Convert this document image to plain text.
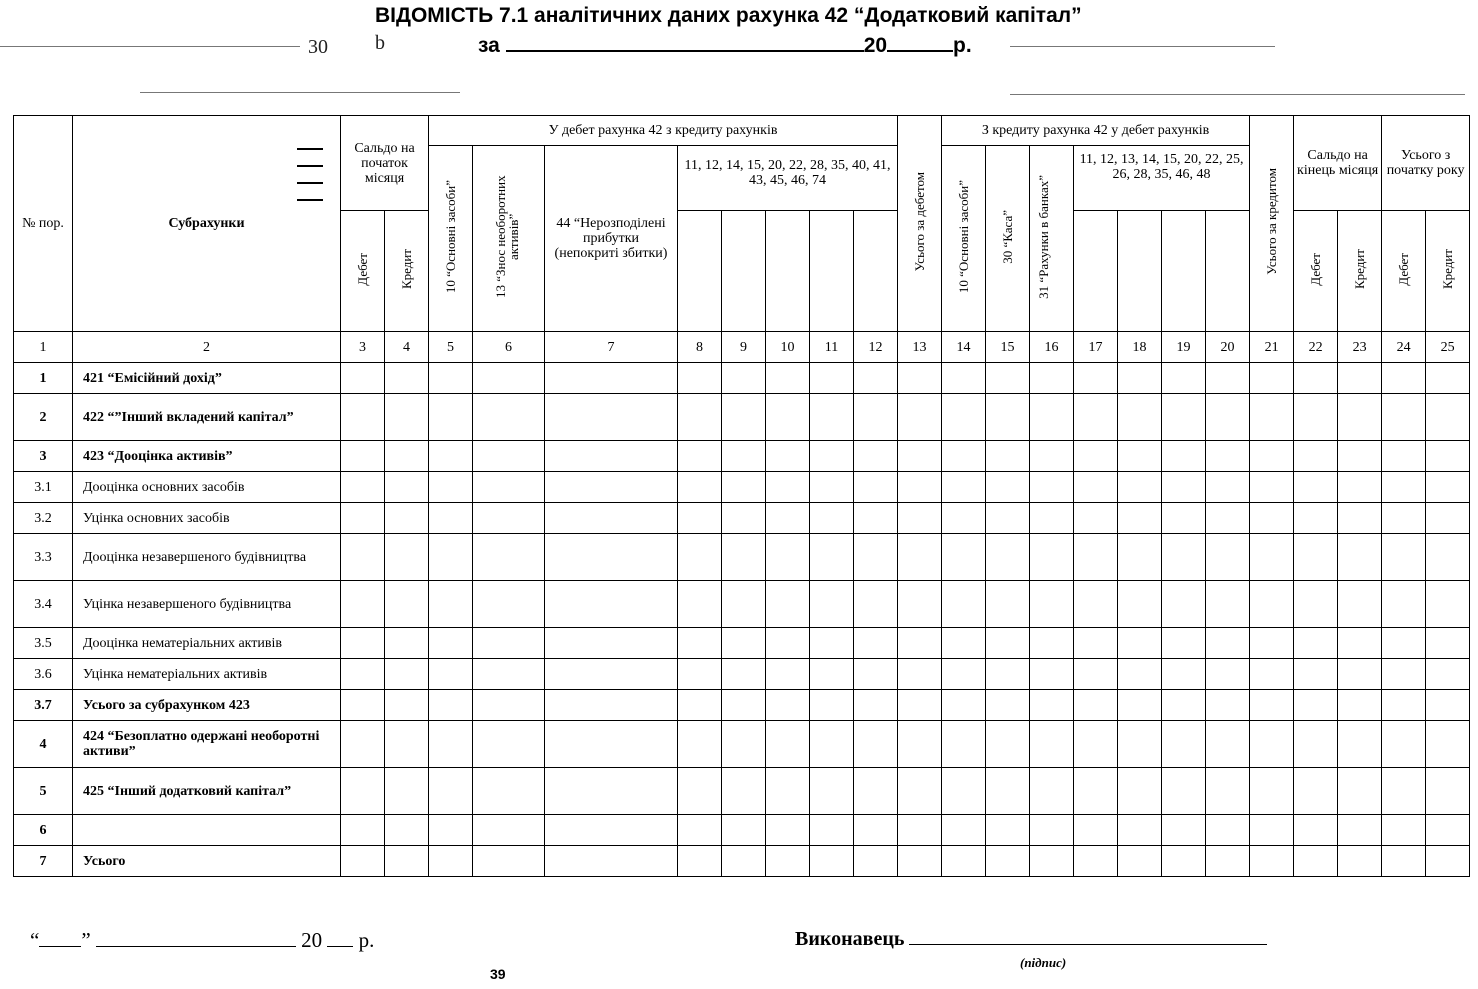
ВІДОМІСТЬ 7.1 аналітичних даних рахунка 42 “Додатковий капітал”
за	20	р.
30 b
№ пор.	Субрахунки	Сальдо на початок місяця		У дебет рахунка 42 з кредиту рахунків								Усього за дебетом	З кредиту рахунка 42 у дебет рахунків							Усього за кредитом	Сальдо на кінець місяця		Усього з початку року	
				10 “Основні засоби”	13 “Знос необоротних активів”	44 “Нерозподілені прибутки (непокриті збитки)	11, 12, 14, 15, 20, 22, 28, 35, 40, 41, 43, 45, 46, 74						10 “Основні засоби”	30 “Каса”	31 “Рахунки в банках”	11, 12, 13, 14, 15, 20, 22, 25, 26, 28, 35, 46, 48								
		Дебет	Кредит																		Дебет	Кредит	Дебет	Кредит
1	2	3	4	5	6	7	8	9	10	11	12	13	14	15	16	17	18	19	20	21	22	23	24	25
1	421 “Емісійний дохід”																							
2	422 “”Інший вкладений капітал”																							
3	423 “Дооцінка активів”																							
3.1	Дооцінка основних засобів																							
3.2	Уцінка основних засобів																							
3.3	Дооцінка незавершеного будівництва																							
3.4	Уцінка незавершеного будівництва																							
3.5	Дооцінка нематеріальних активів																							
3.6	Уцінка нематеріальних активів																							
3.7	Усього за субрахунком 423																							
4	424 “Безоплатно одержані необоротні активи”																							
5	425 “Інший додатковий капітал”																							
6																								
7	Усього																							
“ ”	20 р.	Виконавець
(підпис)
39
